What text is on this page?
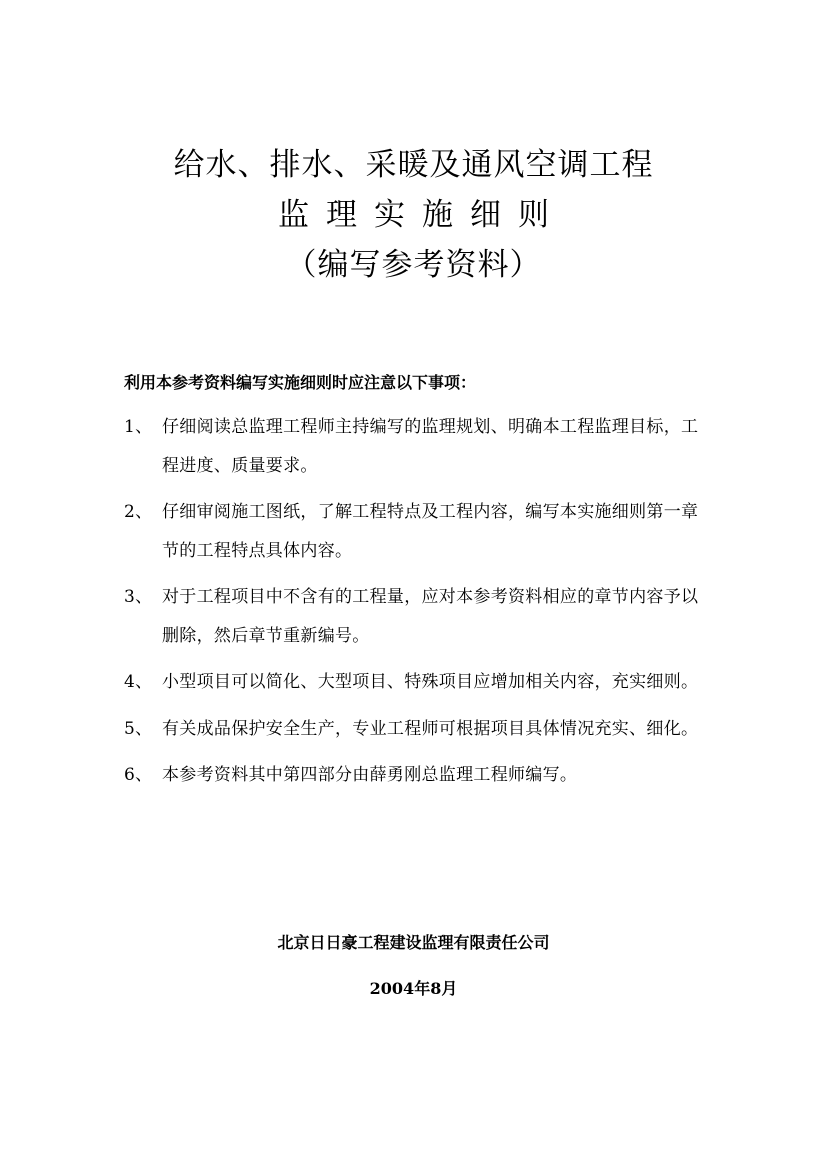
给水、排水、采暖及通风空调工程
监理实施细则
（编写参考资料）
利用本参考资料编写实施细则时应注意以下事项：
1、 仔细阅读总监理工程师主持编写的监理规划、明确本工程监理目标，工程进度、质量要求。
2、 仔细审阅施工图纸，了解工程特点及工程内容，编写本实施细则第一章节的工程特点具体内容。
3、 对于工程项目中不含有的工程量，应对本参考资料相应的章节内容予以删除，然后章节重新编号。
4、 小型项目可以简化、大型项目、特殊项目应增加相关内容，充实细则。
5、 有关成品保护安全生产，专业工程师可根据项目具体情况充实、细化。
6、 本参考资料其中第四部分由薛勇刚总监理工程师编写。
北京日日豪工程建设监理有限责任公司
2004年8月
